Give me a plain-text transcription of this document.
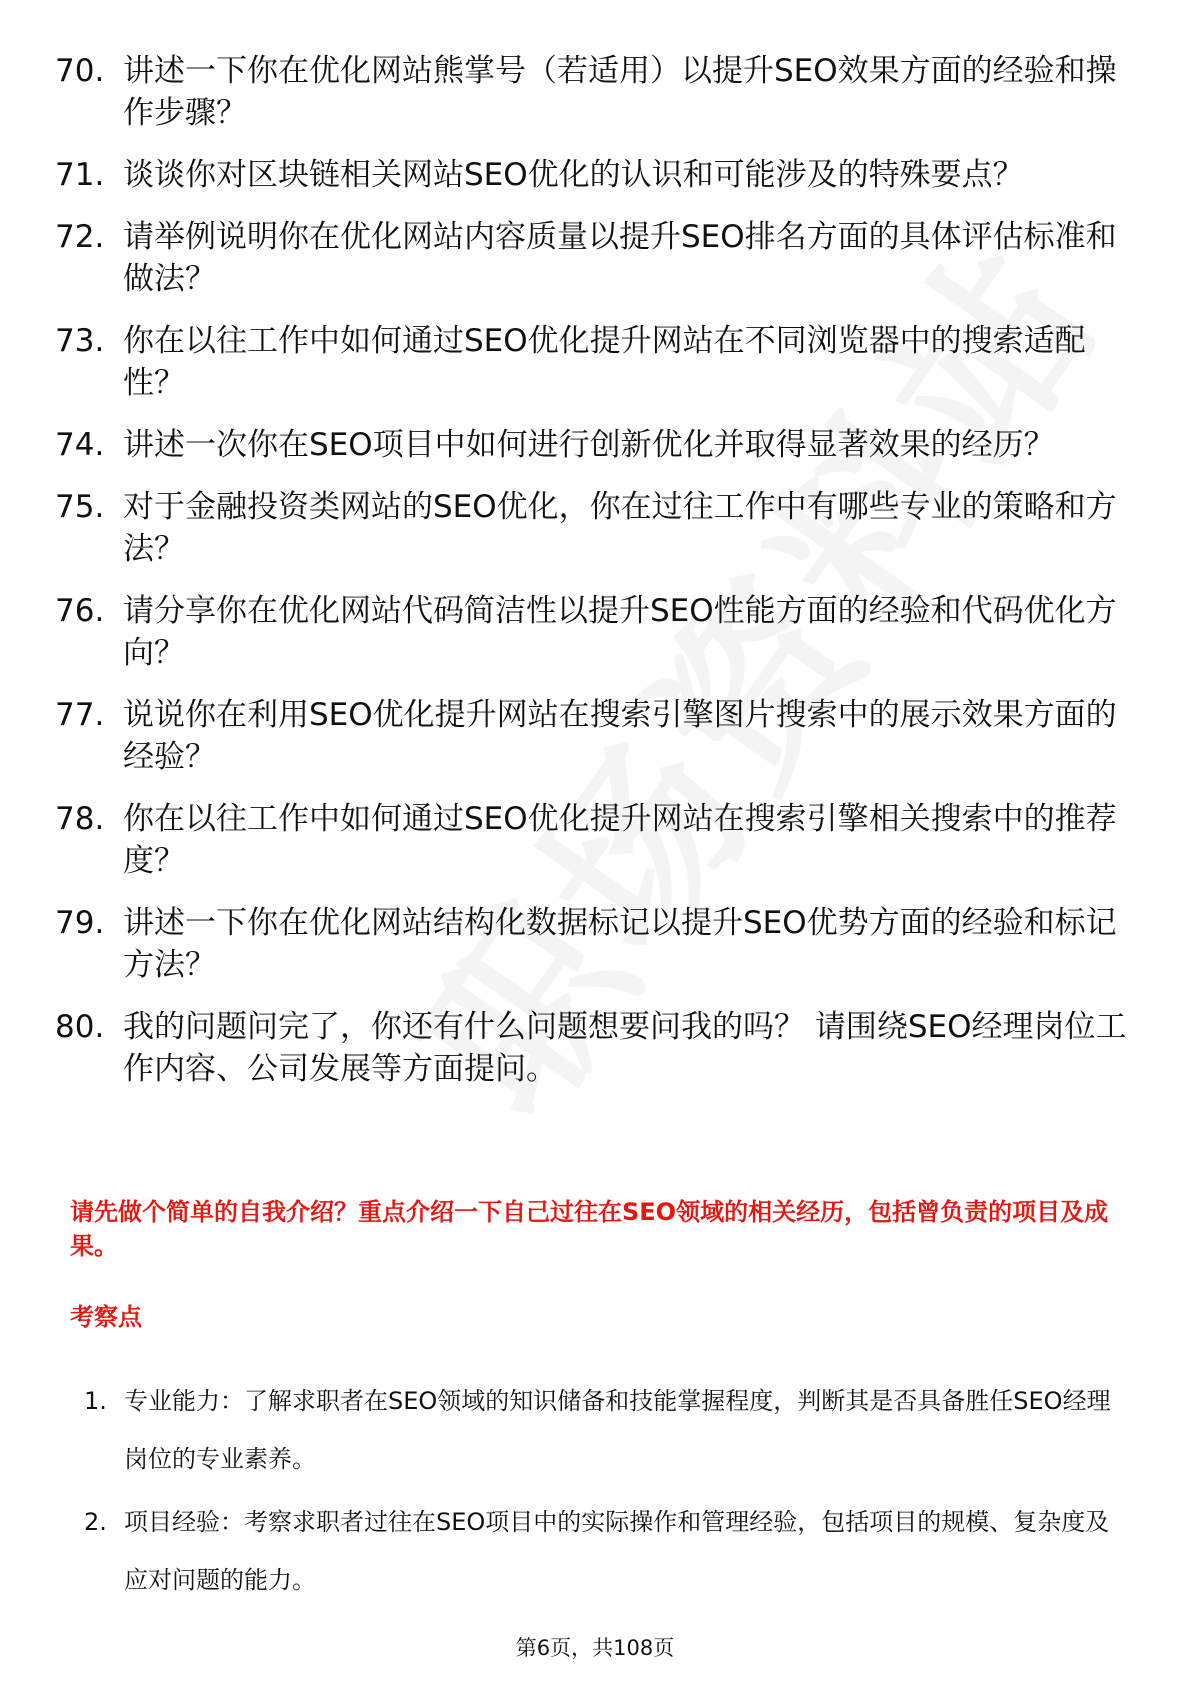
70. 讲述一下你在优化网站熊掌号（若适用）以提升SEO效果方面的经验和操作步骤？
71. 谈谈你对区块链相关网站SEO优化的认识和可能涉及的特殊要点？
72. 请举例说明你在优化网站内容质量以提升SEO排名方面的具体评估标准和做法？
73. 你在以往工作中如何通过SEO优化提升网站在不同浏览器中的搜索适配性？
74. 讲述一次你在SEO项目中如何进行创新优化并取得显著效果的经历？
75. 对于金融投资类网站的SEO优化，你在过往工作中有哪些专业的策略和方法？
76. 请分享你在优化网站代码简洁性以提升SEO性能方面的经验和代码优化方向？
77. 说说你在利用SEO优化提升网站在搜索引擎图片搜索中的展示效果方面的经验？
78. 你在以往工作中如何通过SEO优化提升网站在搜索引擎相关搜索中的推荐度？
79. 讲述一下你在优化网站结构化数据标记以提升SEO优势方面的经验和标记方法？
80. 我的问题问完了，你还有什么问题想要问我的吗？ 请围绕SEO经理岗位工作内容、公司发展等方面提问。
请先做个简单的自我介绍？重点介绍一下自己过往在SEO领域的相关经历，包括曾负责的项目及成果。
考察点
1. 专业能力：了解求职者在SEO领域的知识储备和技能掌握程度，判断其是否具备胜任SEO经理岗位的专业素养。
2. 项目经验：考察求职者过往在SEO项目中的实际操作和管理经验，包括项目的规模、复杂度及应对问题的能力。
第6页，共108页
